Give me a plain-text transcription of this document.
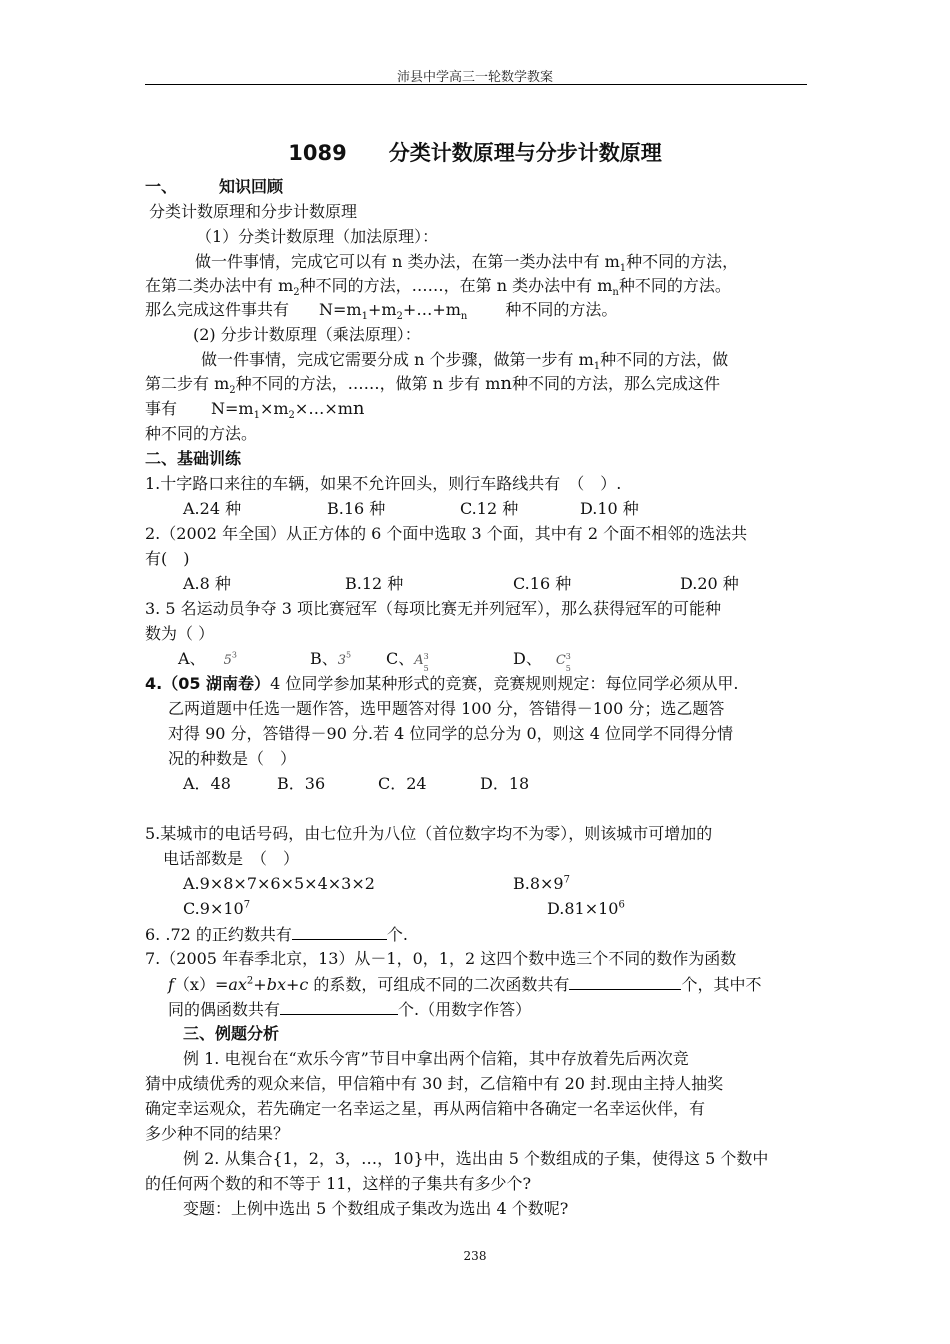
沛县中学高三一轮数学教案
1089 分类计数原理与分步计数原理
一、	知识回顾
分类计数原理和分步计数原理
（1）分类计数原理（加法原理）：
做一件事情，完成它可以有 n 类办法，在第一类办法中有 $m_1$种不同的方法，
在第二类办法中有 $m_2$种不同的方法，……，在第 n 类办法中有 $m_n$种不同的方法。
那么完成这件事共有 $N=m_1+m_2+\dots+m_n$ 种不同的方法。
(2) 分步计数原理（乘法原理）：
做一件事情，完成它需要分成 n 个步骤，做第一步有 $m_1$种不同的方法，做
第二步有 $m_2$种不同的方法，……，做第 n 步有 mn种不同的方法，那么完成这件
事有 $N=m_1\times m_2\times\dots\times mn$
种不同的方法。
二、基础训练
1.十字路口来往的车辆，如果不允许回头，则行车路线共有　（　）.
A.24 种	B.16 种	C.12 种	D.10 种
2.（2002 年全国）从正方体的 6 个面中选取 3 个面，其中有 2 个面不相邻的选法共
有(　)
A.8 种	B.12 种	C.16 种	D.20 种
3. 5 名运动员争夺 3 项比赛冠军（每项比赛无并列冠军），那么获得冠军的可能种
数为（ ）
A、 $5^3$	B、$3^5$ C、A 3
5
D、 C 3
5
4.（05 湖南卷）4 位同学参加某种形式的竞赛，竞赛规则规定：每位同学必须从甲.
乙两道题中任选一题作答，选甲题答对得 100 分，答错得－100 分；选乙题答
对得 90 分，答错得－90 分.若 4 位同学的总分为 0，则这 4 位同学不同得分情
况的种数是（　）
A．48	B．36	C．24	D．18
5.某城市的电话号码，由七位升为八位（首位数字均不为零），则该城市可增加的
电话部数是　（　）
A.9×8×7×6×5×4×3×2	$B.8\times 9^7$
$C.9\times 10^7$	$D.81\times 10^6$
6. .72 的正约数共有	个.
7.（2005 年春季北京，13）从－1，0，1，2 这四个数中选三个不同的数作为函数
$f(x)=ax^2+bx+c$ 的系数，可组成不同的二次函数共有	个，其中不
同的偶函数共有	个.（用数字作答）
三、例题分析
例 1. 电视台在“欢乐今宵”节目中拿出两个信箱，其中存放着先后两次竞
猜中成绩优秀的观众来信，甲信箱中有 30 封，乙信箱中有 20 封.现由主持人抽奖
确定幸运观众，若先确定一名幸运之星，再从两信箱中各确定一名幸运伙伴，有
多少种不同的结果？
例 2. 从集合{1，2，3，…，10}中，选出由 5 个数组成的子集，使得这 5 个数中
的任何两个数的和不等于 11，这样的子集共有多少个?
变题：上例中选出 5 个数组成子集改为选出 4 个数呢?
238
